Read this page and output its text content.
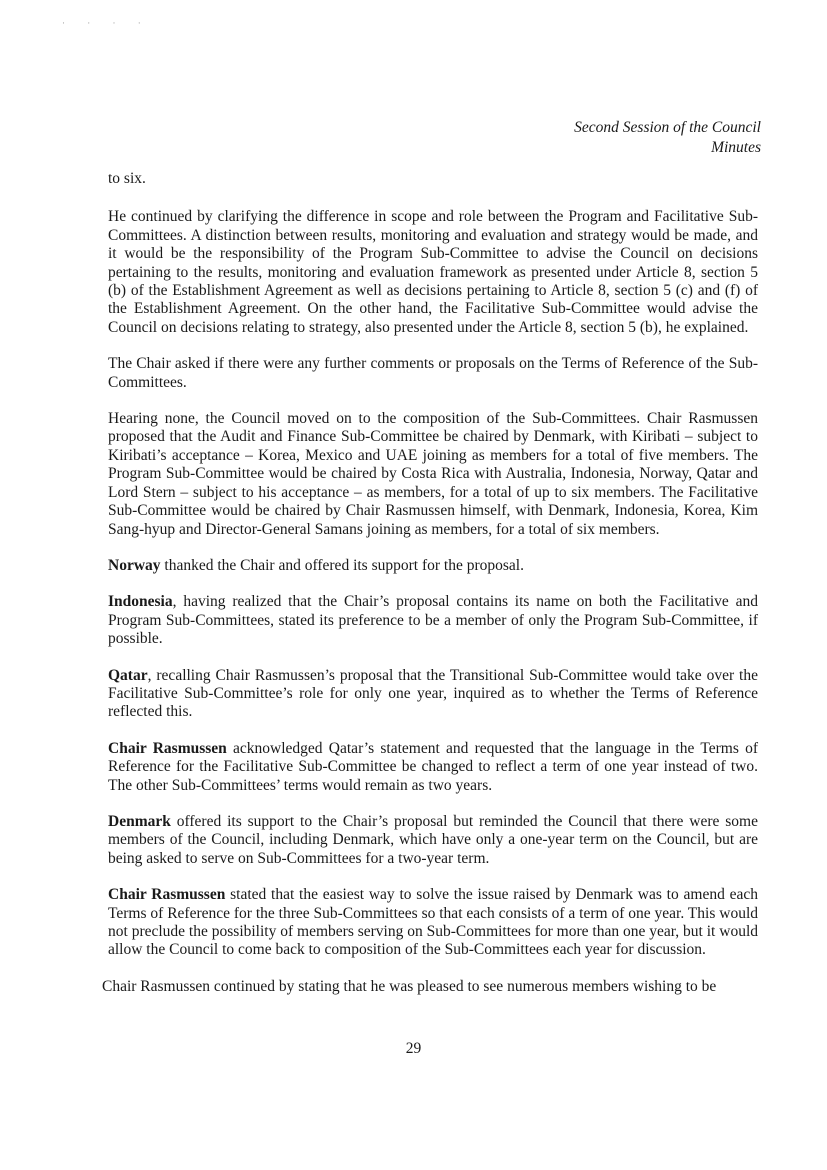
· · · ·
Second Session of the Council
Minutes

to six.

He continued by clarifying the difference in scope and role between the Program and Facilitative Sub-Committees. A distinction between results, monitoring and evaluation and strategy would be made, and it would be the responsibility of the Program Sub-Committee to advise the Council on decisions pertaining to the results, monitoring and evaluation framework as presented under Article 8, section 5 (b) of the Establishment Agreement as well as decisions pertaining to Article 8, section 5 (c) and (f) of the Establishment Agreement. On the other hand, the Facilitative Sub-Committee would advise the Council on decisions relating to strategy, also presented under the Article 8, section 5 (b), he explained.

The Chair asked if there were any further comments or proposals on the Terms of Reference of the Sub-Committees.

Hearing none, the Council moved on to the composition of the Sub-Committees. Chair Rasmussen proposed that the Audit and Finance Sub-Committee be chaired by Denmark, with Kiribati – subject to Kiribati’s acceptance – Korea, Mexico and UAE joining as members for a total of five members. The Program Sub-Committee would be chaired by Costa Rica with Australia, Indonesia, Norway, Qatar and Lord Stern – subject to his acceptance – as members, for a total of up to six members. The Facilitative Sub-Committee would be chaired by Chair Rasmussen himself, with Denmark, Indonesia, Korea, Kim Sang-hyup and Director-General Samans joining as members, for a total of six members.

Norway thanked the Chair and offered its support for the proposal.

Indonesia, having realized that the Chair’s proposal contains its name on both the Facilitative and Program Sub-Committees, stated its preference to be a member of only the Program Sub-Committee, if possible.

Qatar, recalling Chair Rasmussen’s proposal that the Transitional Sub-Committee would take over the Facilitative Sub-Committee’s role for only one year, inquired as to whether the Terms of Reference reflected this.

Chair Rasmussen acknowledged Qatar’s statement and requested that the language in the Terms of Reference for the Facilitative Sub-Committee be changed to reflect a term of one year instead of two. The other Sub-Committees’ terms would remain as two years.

Denmark offered its support to the Chair’s proposal but reminded the Council that there were some members of the Council, including Denmark, which have only a one-year term on the Council, but are being asked to serve on Sub-Committees for a two-year term.

Chair Rasmussen stated that the easiest way to solve the issue raised by Denmark was to amend each Terms of Reference for the three Sub-Committees so that each consists of a term of one year. This would not preclude the possibility of members serving on Sub-Committees for more than one year, but it would allow the Council to come back to composition of the Sub-Committees each year for discussion.

Chair Rasmussen continued by stating that he was pleased to see numerous members wishing to be

29
